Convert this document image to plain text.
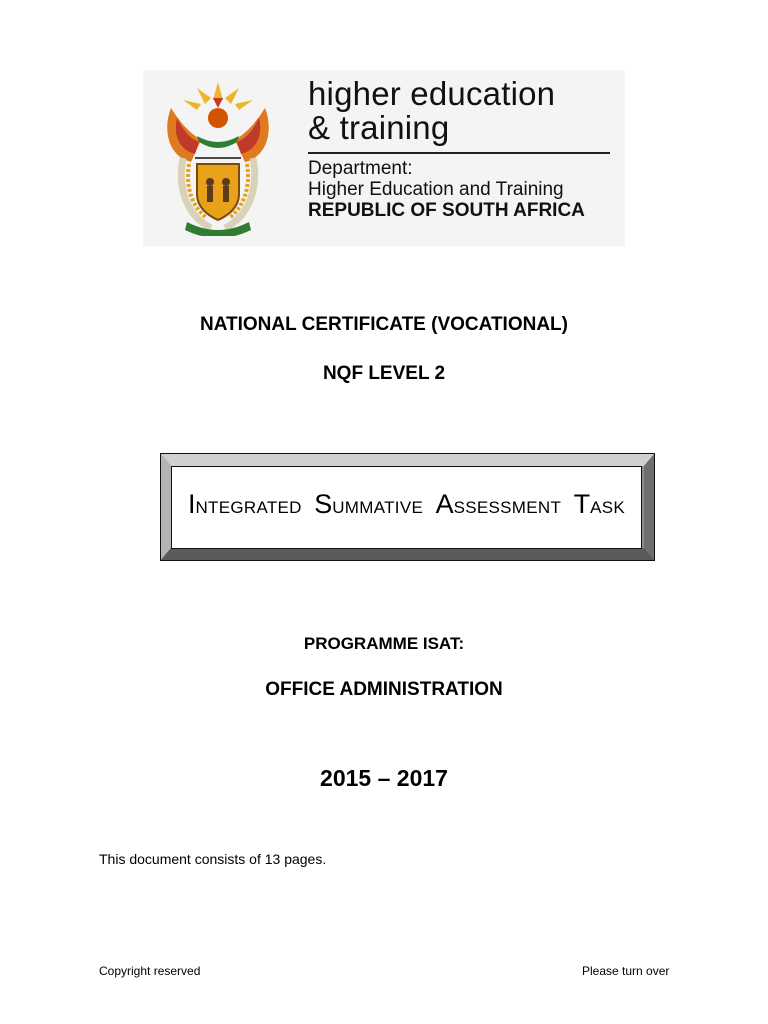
higher education
& training
Department:
Higher Education and Training
REPUBLIC OF SOUTH AFRICA
NATIONAL CERTIFICATE (VOCATIONAL)
NQF LEVEL 2
INTEGRATED SUMMATIVE ASSESSMENT TASK
PROGRAMME ISAT:
OFFICE ADMINISTRATION
2015 – 2017
This document consists of 13 pages.
Copyright reserved	Please turn over
